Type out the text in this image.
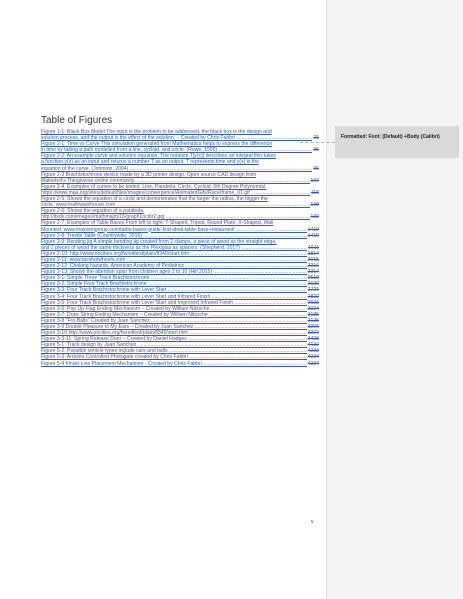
Formatted: Font: (Default) +Body (Calibri)
Table of Figures
Figure 1-1: Black Box Model The input is the problem to be addressed, the black box is the design and
solution process, and the output is the effect of the solution. – Created by Chris Fabbri .....	23
Figure 2-1: Time vs Curve This simulation generated from Mathematica helps to express the difference
in time by taking a path modelled from a line, cycloid, and circle. (Rowe, 1995) .....	96
Figure 2-2: An example curve and solution equation. The notation T[y(x)] describes an integral thin takes
a function y(x) as an input and returns a number T as an output. T represents time and y(x) is the
equation of the curve. (Johnson, 2004) .....	96
Figure 2-3 Brachistochrone device made by a 3D printer design. Open source CAD design from
Makerbot's Thingiverse online community. .....	107
Figure 2-4: Examples of curves to be tested. Line, Parabola, Circle, Cycloid, 6th Degree Polynomial.
https://www.maa.org/sites/default/files/images/convergence/AnimatedGifs/Race/frame_01.gif .....	118
Figure 2-5: Shows the equation of a circle and demonstrates that the larger the radius, the bigger the
circle. www.mathwarehouse.com .....	139
Figure 2-6: Shows the equation of a parabola.
http://itsdv.com/images/mathmajm/16/graph1ocdir2.jpg .....	139
Figure 2-7: Examples of Table Bases From left to right: T-Shaped, Tripod, Round Plate, X-Shaped, Wall
Mounted. www.maxxsmgroup.com/table-bases-guide-find-ideal-table-base-restaurant/ .....	1410
Figure 2-8: Trestle Table (Countryside, 2016) .....	1410
Figure 2-9: Bending jig A simple bending jig created from 2 clamps, a piece of wood as the straight edge,
and 2 pieces of wood the same thickness as the Plexiglas as spacers. (Shepherd, 2017) .....	1611
Figure 2-10: http://www.oocities.org/fwreitlerd/plain/8340/start.htm .....	1814
Figure 2-11: www.tacohotwheels.com .....	2015
Figure 2-12: Choking hazards, American Academy of Pediatrics .....	2216
Figure 2-13: Shows the attention span from children ages 2 to 10 (Hill 2015) .....	2317
Figure 3-1: Simple Three Track Brachistochrone .....	2519
Figure 3-2: Simple Four Track Brachistochrone .....	2620
Figure 3-3: Four Track Brachistochrone with Lever Start .....	2721
Figure 3-4: Four Track Brachistochrone with Lever Start and Infrared Finish .....	2822
Figure 3-5: Four Track Brachistochrone with Lever Start and Improved Infrared Finish .....	2923
Figure 3-6: Pop Up Flag Ending Mechanism – Created by William Nitzsche .....	3024
Figure 3-7: Draw String Ending Mechanism – Created by William Nitzsche .....	3125
Figure 3-8 "Fro-Balls" Created by Juan Sanchez .....	3125
Figure 3-9 Double Pleasure to My Ears – Created by Juan Sanchez .....	3226
Figure 3-10 http://www.oocities.org/fwreitlerd/plain/8340/start.htm .....	3327
Figure 3-3-11: Spring Release Door – Created by Daniel Hodges .....	3428
Figure 5-1: Track design by Juan Sanchez .....	4132
Figure 5-2: Possible vehicle types include cars and balls .....	4233
Figure 5-3: Arduino Controlled Photogate created by Chris Fabbri .....	4334
Figure 5-4 Finish Line Placement Mechanism - Created by Chris Fabbri .....	4334
v
